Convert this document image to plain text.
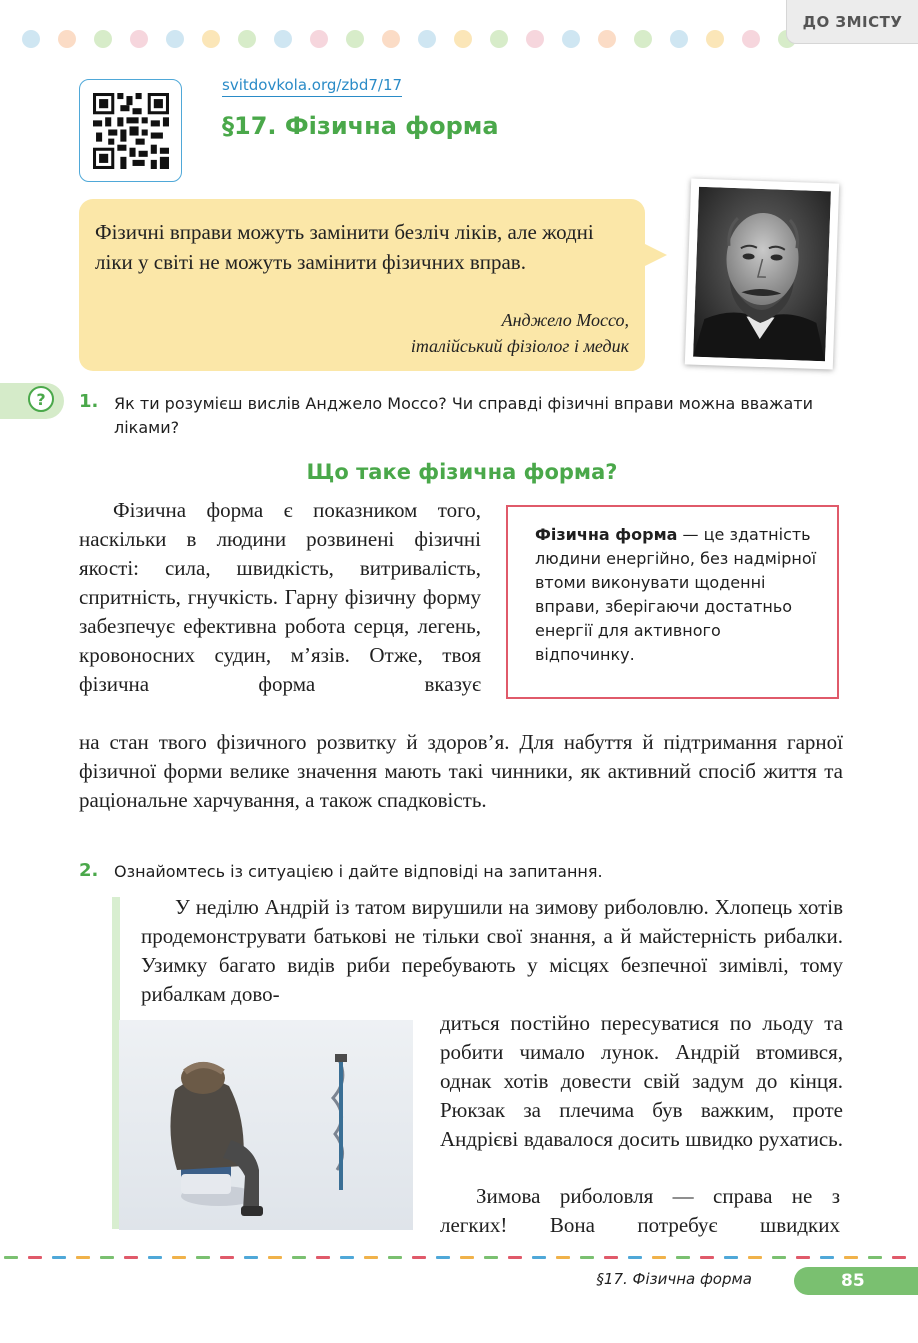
ДО ЗМІСТУ
svitdovkola.org/zbd7/17
§17. Фізична форма

Фізичні вправи можуть замінити безліч ліків, але жодні ліки у світі не можуть замінити фізичних вправ.

Анджело Моссо,
італійський фізіолог і медик
?	1. Як ти розумієш вислів Анджело Моссо? Чи справді фізичні вправи можна вважати ліками?
Що таке фізична форма?

Фізична форма є показником того, наскільки в людини розвинені фізичні якості: сила, швидкість, витривалість, спритність, гнучкість. Гарну фізичну форму забезпечує ефективна робота серця, легень, кровоносних судин, м’язів. Отже, твоя фізична форма вказує

на стан твого фізичного розвитку й здоров’я. Для набуття й підтримання гарної фізичної форми велике значення мають такі чинники, як активний спосіб життя та раціональне харчування, а також спадковість.

Фізична форма — це здатність людини енергійно, без надмірної втоми виконувати щоденні вправи, зберігаючи достатньо енергії для активного відпочинку.
2. Ознайомтесь із ситуацією і дайте відповіді на запитання.

У неділю Андрій із татом вирушили на зимову риболовлю. Хлопець хотів продемонструвати батькові не тільки свої знання, а й майстерність рибалки. Узимку багато видів риби перебувають у місцях безпечної зимівлі, тому рибалкам дово-

диться постійно пересуватися по льоду та робити чимало лунок. Андрій втомився, однак хотів довести свій задум до кінця. Рюкзак за плечима був важким, проте Андрієві вдавалося досить швидко рухатись.

Зимова риболовля — справа не з легких! Вона потребує швидких

§17. Фізична форма	85
